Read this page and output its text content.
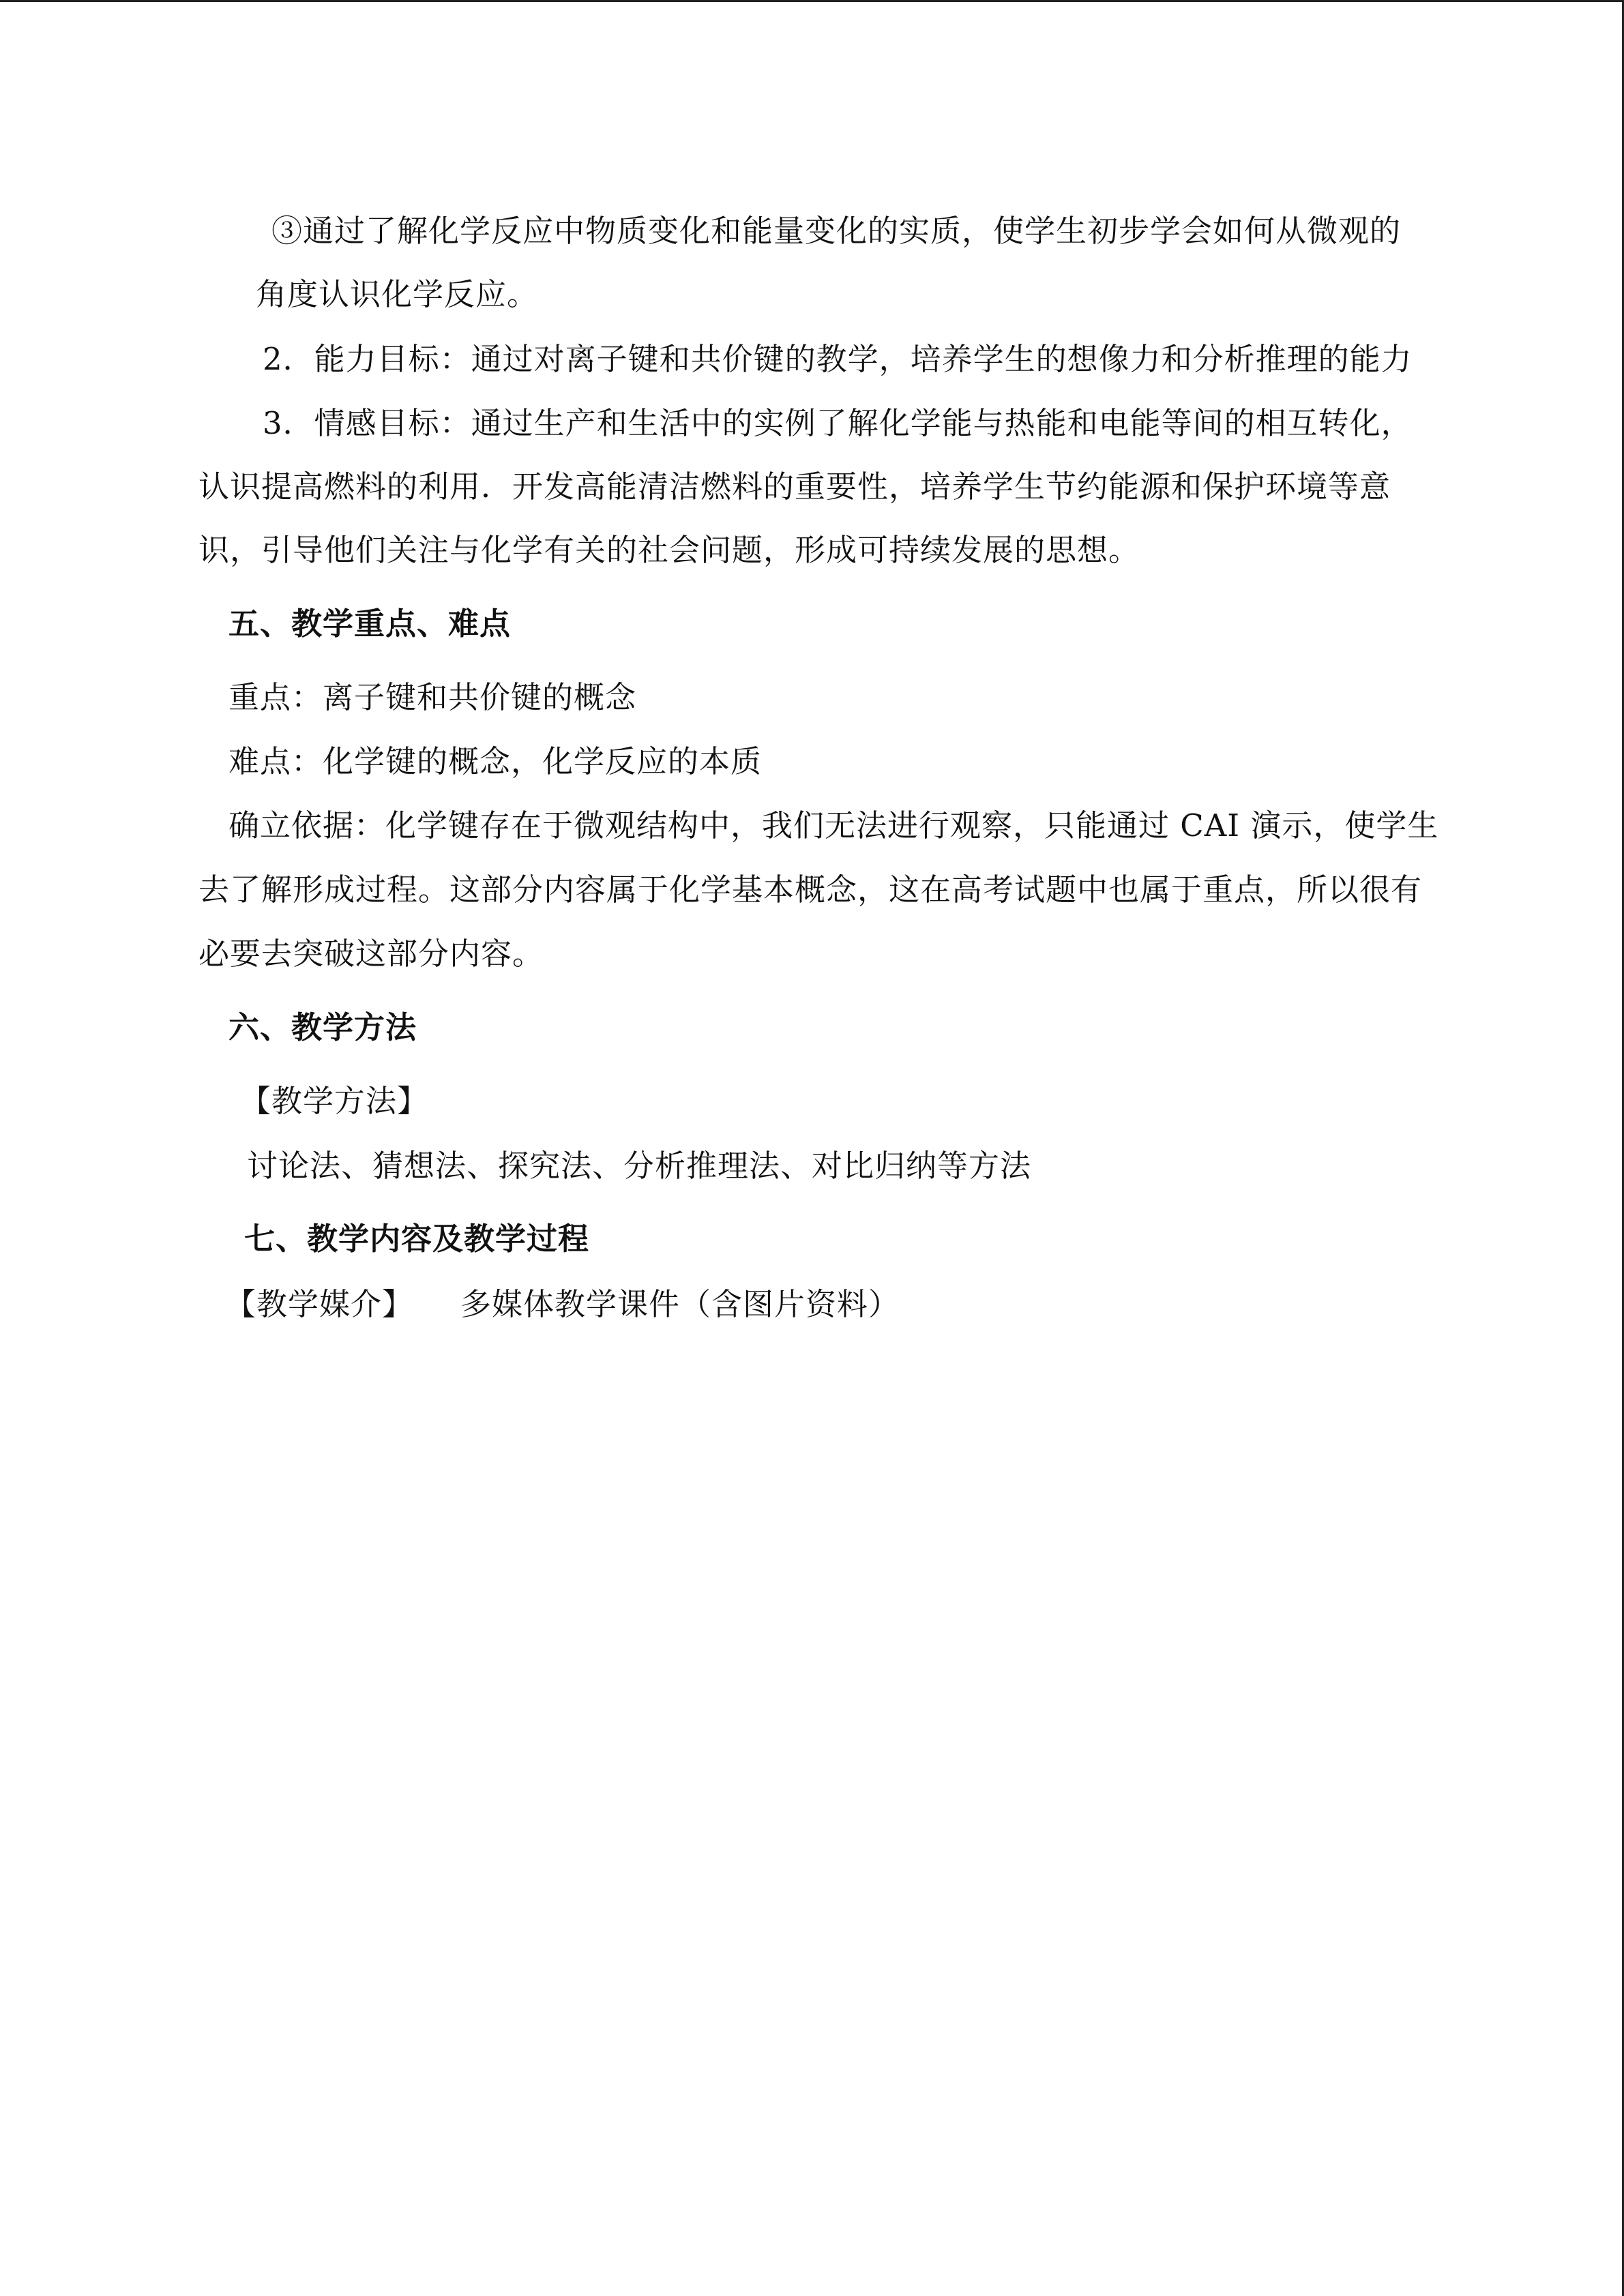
③通过了解化学反应中物质变化和能量变化的实质，使学生初步学会如何从微观的
角度认识化学反应。
2．能力目标：通过对离子键和共价键的教学，培养学生的想像力和分析推理的能力
3．情感目标：通过生产和生活中的实例了解化学能与热能和电能等间的相互转化，
认识提高燃料的利用．开发高能清洁燃料的重要性，培养学生节约能源和保护环境等意
识，引导他们关注与化学有关的社会问题，形成可持续发展的思想。
五、教学重点、难点
重点：离子键和共价键的概念
难点：化学键的概念，化学反应的本质
确立依据：化学键存在于微观结构中，我们无法进行观察，只能通过 CAI 演示，使学生
去了解形成过程。这部分内容属于化学基本概念，这在高考试题中也属于重点，所以很有
必要去突破这部分内容。
六、教学方法
【教学方法】
讨论法、猜想法、探究法、分析推理法、对比归纳等方法
七、教学内容及教学过程
【教学媒介】 多媒体教学课件（含图片资料）
